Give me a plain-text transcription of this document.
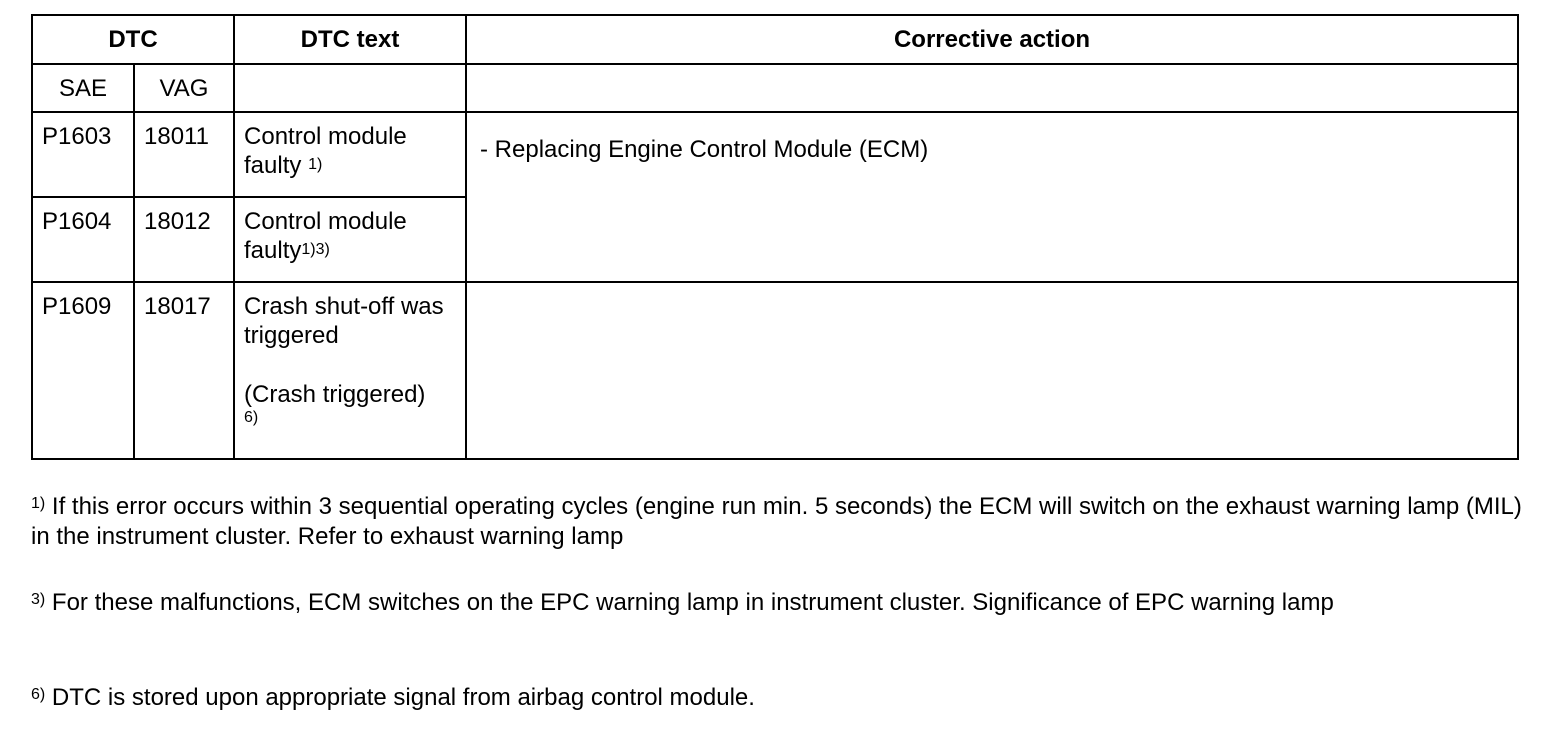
DTC		DTC text	Corrective action
SAE	VAG		
P1603	18011	Control module faulty $^{1)}$	- Replacing Engine Control Module (ECM)
P1604	18012	Control module faulty$^{1)3)}$
P1609	18017	Crash shut-off was triggered
(Crash triggered)
6)	
$^{1)}$ If this error occurs within 3 sequential operating cycles (engine run min. 5 seconds) the ECM will switch on the exhaust warning lamp (MIL) in the instrument cluster. Refer to exhaust warning lamp
$^{3)}$ For these malfunctions, ECM switches on the EPC warning lamp in instrument cluster. Significance of EPC warning lamp
$^{6)}$ DTC is stored upon appropriate signal from airbag control module.
